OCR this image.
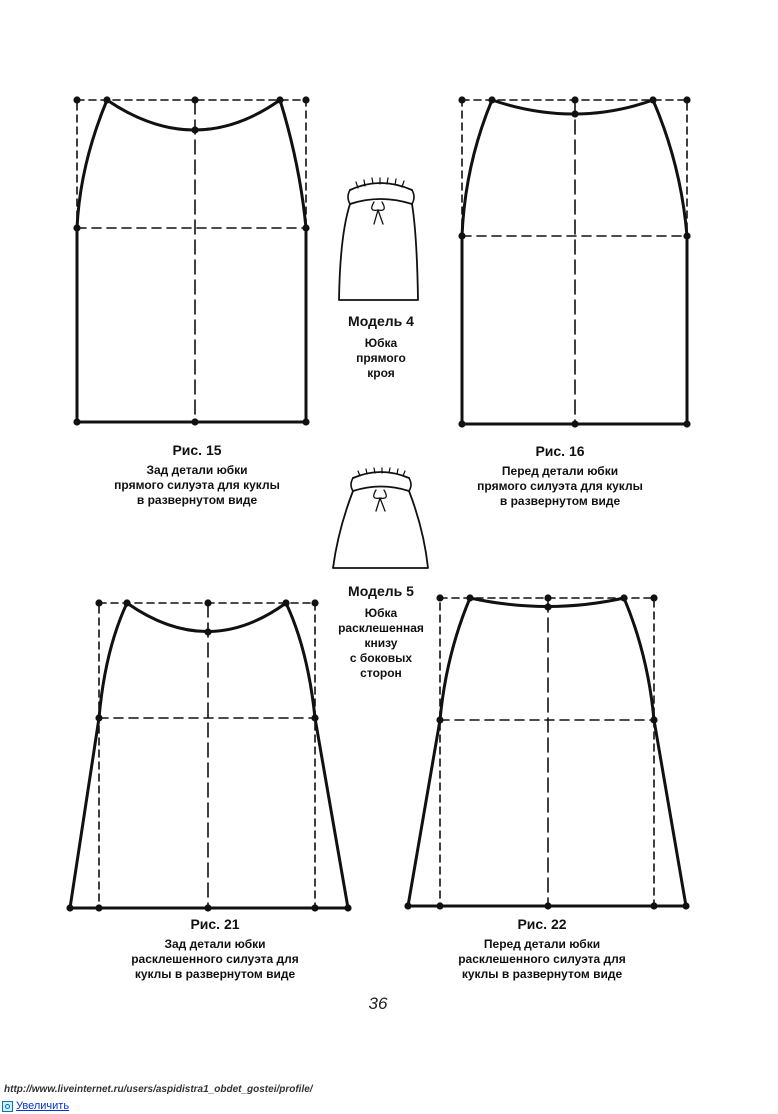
Рис. 15
Зад детали юбки
прямого силуэта для куклы
в развернутом виде
Рис. 16
Перед детали юбки
прямого силуэта для куклы
в развернутом виде
Рис. 21
Зад детали юбки
расклешенного силуэта для
куклы в развернутом виде
Рис. 22
Перед детали юбки
расклешенного силуэта для
куклы в развернутом виде
Модель 4
Юбка
прямого
кроя
Модель 5
Юбка
расклешенная
книзу
с боковых
сторон
36
http://www.liveinternet.ru/users/aspidistra1_obdet_gostei/profile/
Увеличить
